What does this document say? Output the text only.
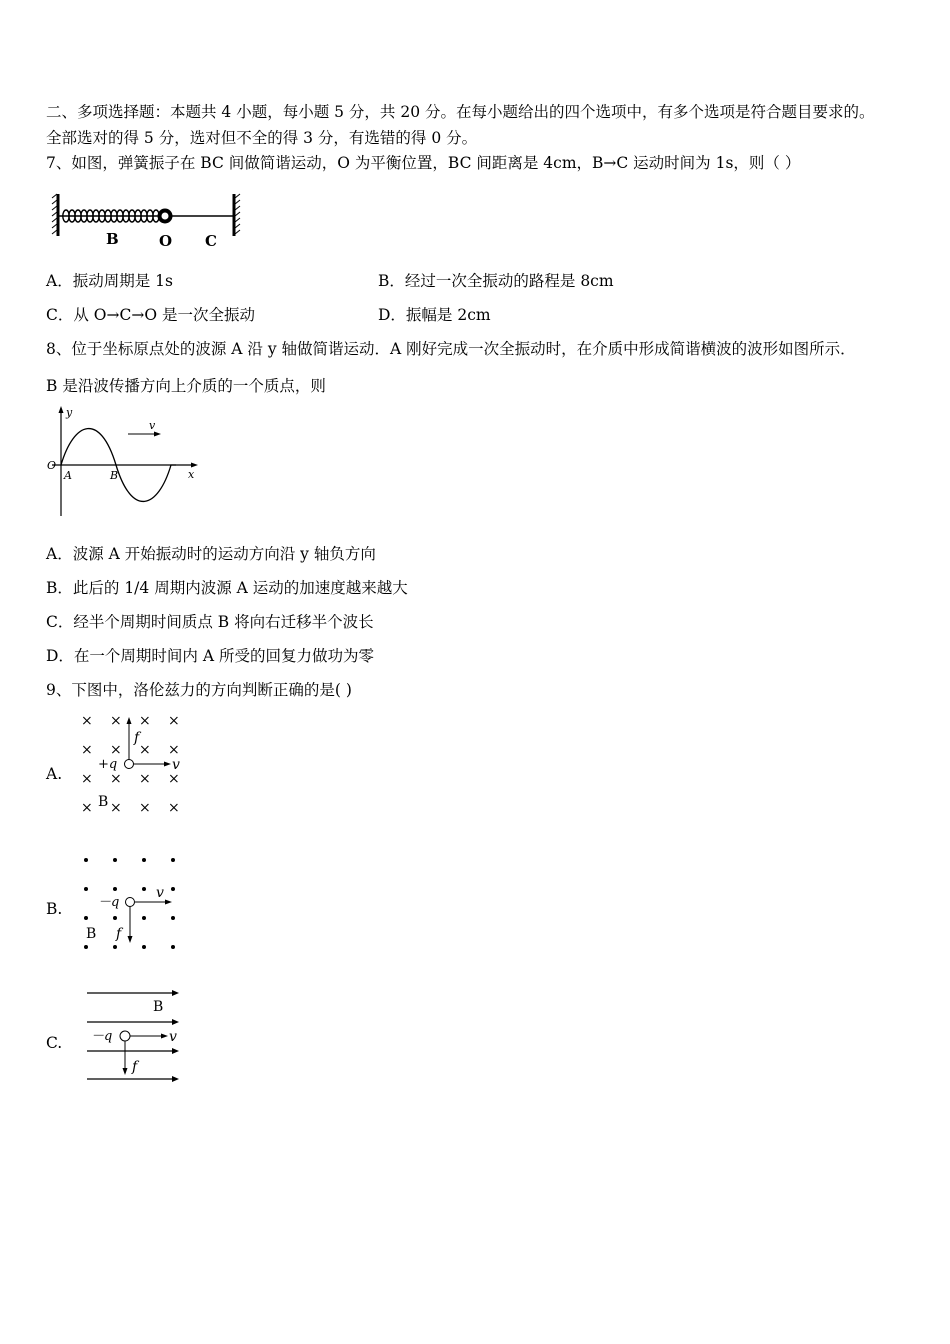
二、多项选择题：本题共 4 小题，每小题 5 分，共 20 分。在每小题给出的四个选项中，有多个选项是符合题目要求的。
全部选对的得 5 分，选对但不全的得 3 分，有选错的得 0 分。
7、如图，弹簧振子在 BC 间做简谐运动，O 为平衡位置，BC 间距离是 4cm，B→C 运动时间为 1s，则（ ）
B	O C
A．振动周期是 1s	B．经过一次全振动的路程是 8cm
C．从 O→C→O 是一次全振动	D．振幅是 2cm
8、位于坐标原点处的波源 A 沿 y 轴做简谐运动．A 刚好完成一次全振动时，在介质中形成简谐横波的波形如图所示．
B 是沿波传播方向上介质的一个质点，则
v
y
x
O
A	B
A．波源 A 开始振动时的运动方向沿 y 轴负方向
B．此后的 1/4 周期内波源 A 运动的加速度越来越大
C．经半个周期时间质点 B 将向右迁移半个波长
D．在一个周期时间内 A 所受的回复力做功为零
9、下图中，洛伦兹力的方向判断正确的是( )
A.
× × × ×
× × × ×
× × × ×
× × × ×
f
+q	v
B
B.	－q
v
f
B
C.
B
－q	v
f
